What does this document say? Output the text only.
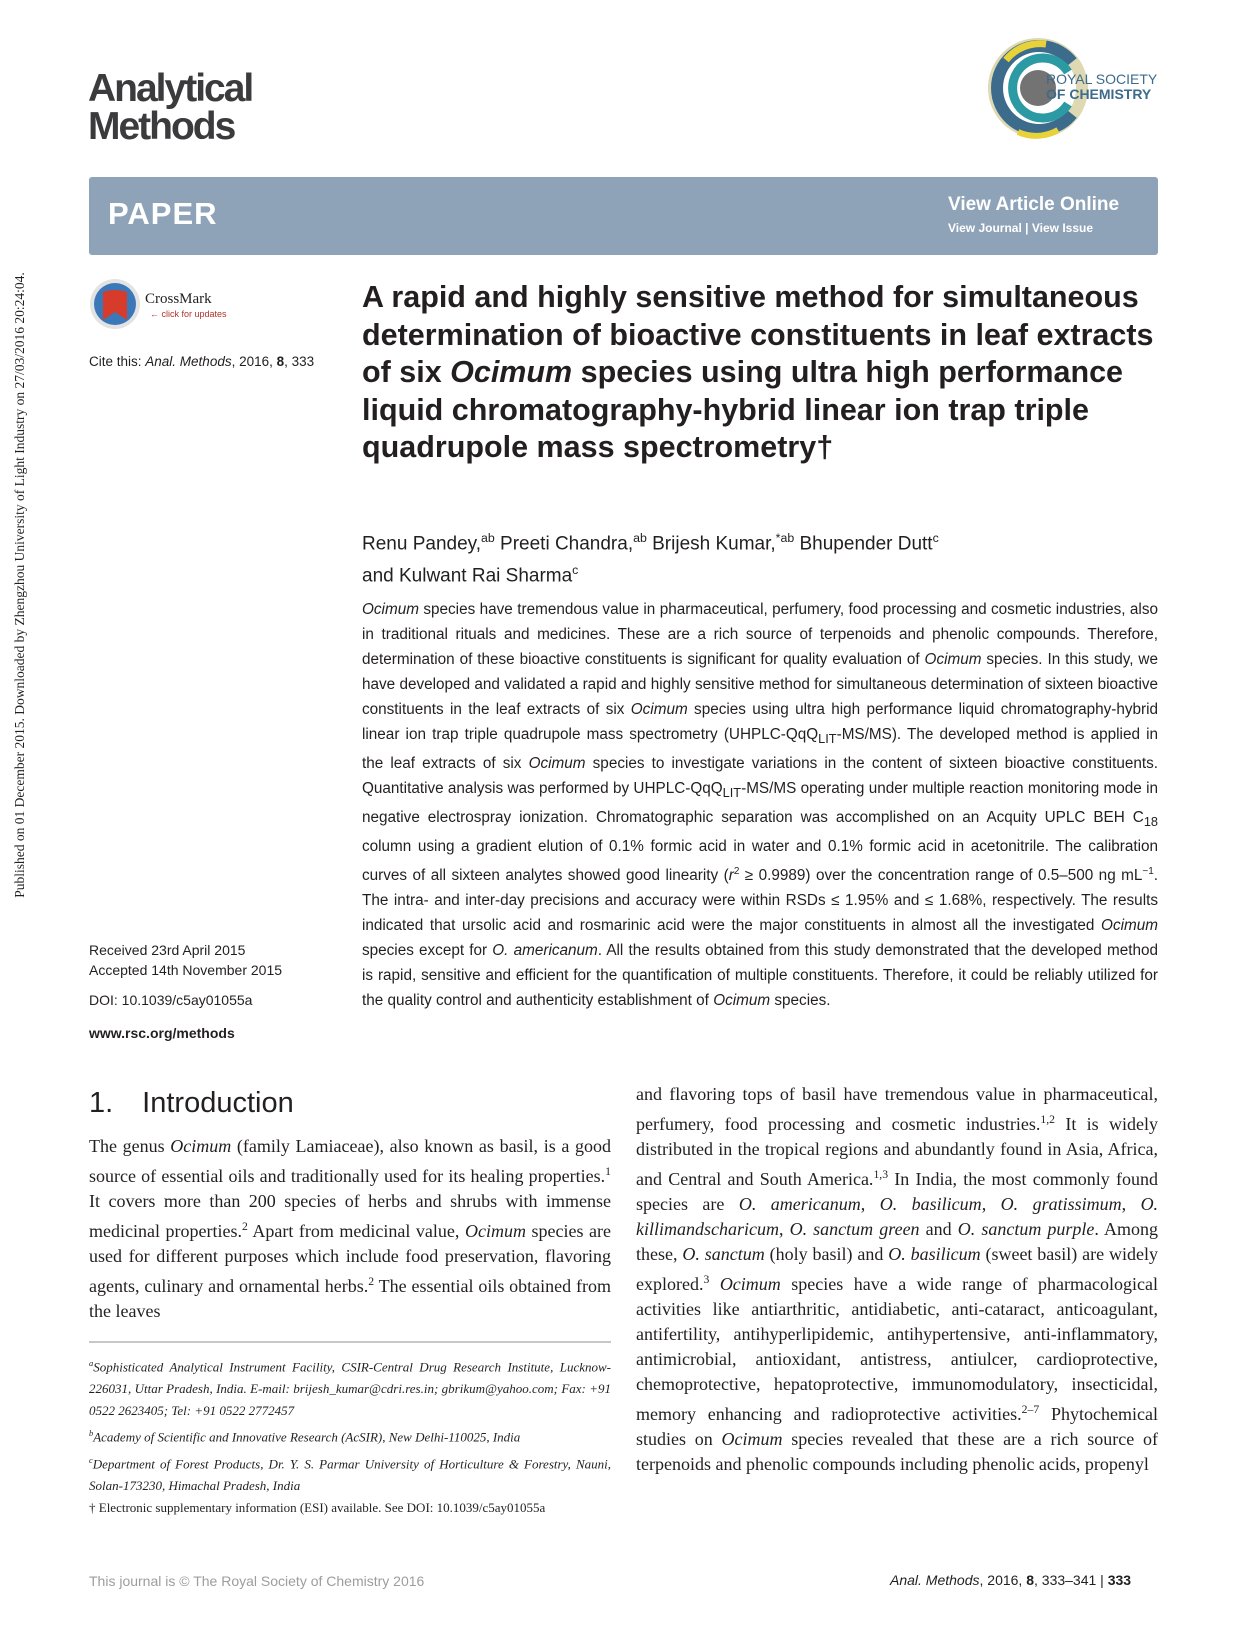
Published on 01 December 2015. Downloaded by Zhengzhou University of Light Industry on 27/03/2016 20:24:04.
Analytical
Methods
ROYAL SOCIETY
OF CHEMISTRY
PAPER	View Article Online
View Journal | View Issue
CrossMark
← click for updates
Cite this: Anal. Methods, 2016, 8, 333
A rapid and highly sensitive method for simultaneous determination of bioactive constituents in leaf extracts of six Ocimum species using ultra high performance liquid chromatography-hybrid linear ion trap triple quadrupole mass spectrometry†
Renu Pandey,$^{ab}$ Preeti Chandra,$^{ab}$ Brijesh Kumar,$^{*ab}$ Bhupender Dutt$^c$
and Kulwant Rai Sharma$^c$

Ocimum species have tremendous value in pharmaceutical, perfumery, food processing and cosmetic industries, also in traditional rituals and medicines. These are a rich source of terpenoids and phenolic compounds. Therefore, determination of these bioactive constituents is significant for quality evaluation of Ocimum species. In this study, we have developed and validated a rapid and highly sensitive method for simultaneous determination of sixteen bioactive constituents in the leaf extracts of six Ocimum species using ultra high performance liquid chromatography-hybrid linear ion trap triple quadrupole mass spectrometry (UHPLC-QqQ$_{LIT}$-MS/MS). The developed method is applied in the leaf extracts of six Ocimum species to investigate variations in the content of sixteen bioactive constituents. Quantitative analysis was performed by UHPLC-QqQ$_{LIT}$-MS/MS operating under multiple reaction monitoring mode in negative electrospray ionization. Chromatographic separation was accomplished on an Acquity UPLC BEH $C_{18}$ column using a gradient elution of 0.1% formic acid in water and 0.1% formic acid in acetonitrile. The calibration curves of all sixteen analytes showed good linearity $(r^2 \ge 0.9989)$ over the concentration range of 0.5–500 ng $mL^{-1}$. The intra- and inter-day precisions and accuracy were within RSDs ≤ 1.95% and ≤ 1.68%, respectively. The results indicated that ursolic acid and rosmarinic acid were the major constituents in almost all the investigated Ocimum species except for O. americanum. All the results obtained from this study demonstrated that the developed method is rapid, sensitive and efficient for the quantification of multiple constituents. Therefore, it could be reliably utilized for the quality control and authenticity establishment of Ocimum species.

Received 23rd April 2015
Accepted 14th November 2015
DOI: 10.1039/c5ay01055a
www.rsc.org/methods
1. Introduction

The genus Ocimum (family Lamiaceae), also known as basil, is a good source of essential oils and traditionally used for its healing properties.$^1$ It covers more than 200 species of herbs and shrubs with immense medicinal properties.$^2$ Apart from medicinal value, Ocimum species are used for different purposes which include food preservation, flavoring agents, culinary and ornamental herbs.$^2$ The essential oils obtained from the leaves

$^a$Sophisticated Analytical Instrument Facility, CSIR-Central Drug Research Institute, Lucknow-226031, Uttar Pradesh, India. E-mail: brijesh_kumar@cdri.res.in; gbrikum@yahoo.com; Fax: +91 0522 2623405; Tel: +91 0522 2772457

$^b$Academy of Scientific and Innovative Research (AcSIR), New Delhi-110025, India

$^c$Department of Forest Products, Dr. Y. S. Parmar University of Horticulture & Forestry, Nauni, Solan-173230, Himachal Pradesh, India

† Electronic supplementary information (ESI) available. See DOI: 10.1039/c5ay01055a

and flavoring tops of basil have tremendous value in pharmaceutical, perfumery, food processing and cosmetic industries.$^{1,2}$ It is widely distributed in the tropical regions and abundantly found in Asia, Africa, and Central and South America.$^{1,3}$ In India, the most commonly found species are O. americanum, O. basilicum, O. gratissimum, O. killimandscharicum, O. sanctum green and O. sanctum purple. Among these, O. sanctum (holy basil) and O. basilicum (sweet basil) are widely explored.$^3$ Ocimum species have a wide range of pharmacological activities like antiarthritic, antidiabetic, anti-cataract, anticoagulant, antifertility, antihyperlipidemic, antihypertensive, anti-inflammatory, antimicrobial, antioxidant, antistress, antiulcer, cardioprotective, chemoprotective, hepatoprotective, immunomodulatory, insecticidal, memory enhancing and radioprotective activities.$^{2-7}$ Phytochemical studies on Ocimum species revealed that these are a rich source of terpenoids and phenolic compounds including phenolic acids, propenyl

This journal is © The Royal Society of Chemistry 2016	Anal. Methods, 2016, 8, 333–341 | 333
